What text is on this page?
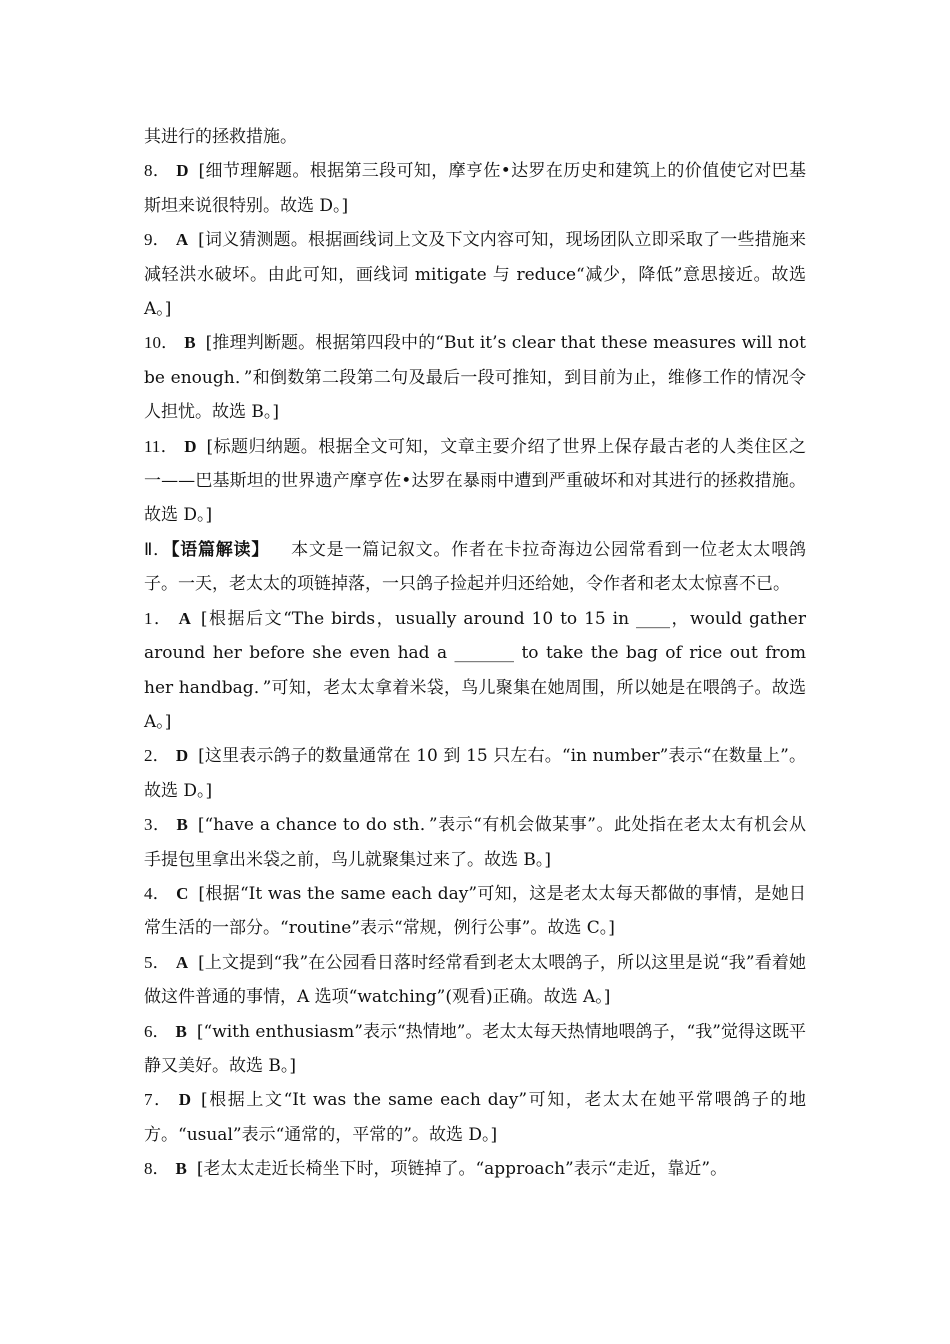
其进行的拯救措施。

8． D [细节理解题。根据第三段可知，摩亨佐•达罗在历史和建筑上的价值使它对巴基斯坦来说很特别。故选 D。]

9． A [词义猜测题。根据画线词上文及下文内容可知，现场团队立即采取了一些措施来减轻洪水破坏。由此可知，画线词 mitigate 与 reduce“减少，降低”意思接近。故选 A。]

10． B [推理判断题。根据第四段中的“But it’s clear that these measures will not be enough．”和倒数第二段第二句及最后一段可推知，到目前为止，维修工作的情况令人担忧。故选 B。]

11． D [标题归纳题。根据全文可知，文章主要介绍了世界上保存最古老的人类住区之一——巴基斯坦的世界遗产摩亨佐•达罗在暴雨中遭到严重破坏和对其进行的拯救措施。故选 D。]

Ⅱ．【语篇解读】 本文是一篇记叙文。作者在卡拉奇海边公园常看到一位老太太喂鸽子。一天，老太太的项链掉落，一只鸽子捡起并归还给她，令作者和老太太惊喜不已。

1． A [根据后文“The birds，usually around 10 to 15 in ____，would gather around her before she even had a _______ to take the bag of rice out from her handbag．”可知，老太太拿着米袋，鸟儿聚集在她周围，所以她是在喂鸽子。故选 A。]

2． D [这里表示鸽子的数量通常在 10 到 15 只左右。“in number”表示“在数量上”。故选 D。]

3． B [“have a chance to do sth．”表示“有机会做某事”。此处指在老太太有机会从手提包里拿出米袋之前，鸟儿就聚集过来了。故选 B。]

4． C [根据“It was the same each day”可知，这是老太太每天都做的事情，是她日常生活的一部分。“routine”表示“常规，例行公事”。故选 C。]

5． A [上文提到“我”在公园看日落时经常看到老太太喂鸽子，所以这里是说“我”看着她做这件普通的事情，A 选项“watching”(观看)正确。故选 A。]

6． B [“with enthusiasm”表示“热情地”。老太太每天热情地喂鸽子，“我”觉得这既平静又美好。故选 B。]

7． D [根据上文“It was the same each day”可知，老太太在她平常喂鸽子的地方。“usual”表示“通常的，平常的”。故选 D。]

8． B [老太太走近长椅坐下时，项链掉了。“approach”表示“走近，靠近”。
